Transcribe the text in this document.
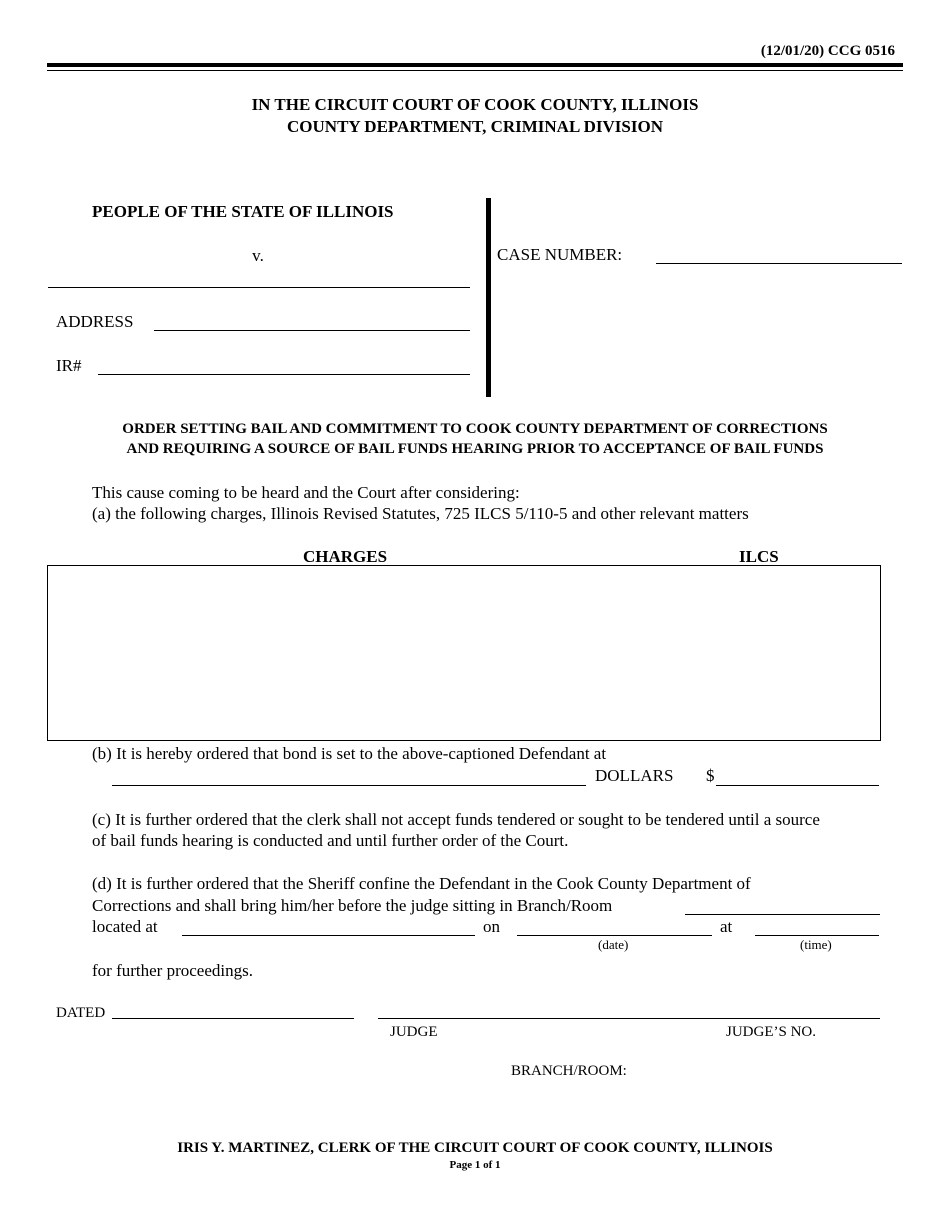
(12/01/20) CCG 0516
IN THE CIRCUIT COURT OF COOK COUNTY, ILLINOIS
COUNTY DEPARTMENT, CRIMINAL DIVISION
PEOPLE OF THE STATE OF ILLINOIS
v.
ADDRESS
IR#
CASE NUMBER:
ORDER SETTING BAIL AND COMMITMENT TO COOK COUNTY DEPARTMENT OF CORRECTIONS
AND REQUIRING A SOURCE OF BAIL FUNDS HEARING PRIOR TO ACCEPTANCE OF BAIL FUNDS
This cause coming to be heard and the Court after considering:
(a) the following charges, Illinois Revised Statutes, 725 ILCS 5/110-5 and other relevant matters
CHARGES	ILCS
(b) It is hereby ordered that bond is set to the above-captioned Defendant at
DOLLARS $
(c) It is further ordered that the clerk shall not accept funds tendered or sought to be tendered until a source
of bail funds hearing is conducted and until further order of the Court.
(d) It is further ordered that the Sheriff confine the Defendant in the Cook County Department of
Corrections and shall bring him/her before the judge sitting in Branch/Room
located at	on	at
(date)	(time)
for further proceedings.
DATED
JUDGE	JUDGE’S NO.
BRANCH/ROOM:
IRIS Y. MARTINEZ, CLERK OF THE CIRCUIT COURT OF COOK COUNTY, ILLINOIS
Page 1 of 1
